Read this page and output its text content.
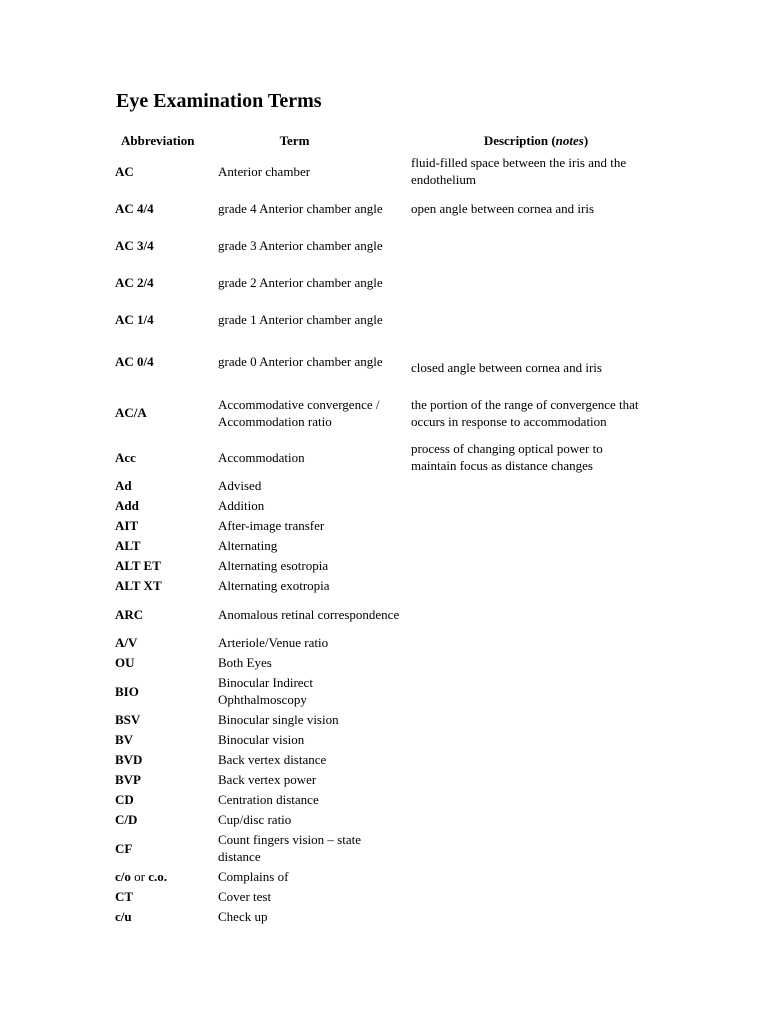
Eye Examination Terms
Abbreviation	Term	Description (notes)
AC	Anterior chamber	fluid-filled space between the iris and the endothelium
AC 4/4	grade 4 Anterior chamber angle	open angle between cornea and iris
AC 3/4	grade 3 Anterior chamber angle	
AC 2/4	grade 2 Anterior chamber angle	
AC 1/4	grade 1 Anterior chamber angle	
AC 0/4	grade 0 Anterior chamber angle	closed angle between cornea and iris
AC/A	Accommodative convergence / Accommodation ratio	the portion of the range of convergence that occurs in response to accommodation
Acc	Accommodation	process of changing optical power to maintain focus as distance changes
Ad	Advised	
Add	Addition	
AIT	After-image transfer	
ALT	Alternating	
ALT ET	Alternating esotropia	
ALT XT	Alternating exotropia	
ARC	Anomalous retinal correspondence	
A/V	Arteriole/Venue ratio	
OU	Both Eyes	
BIO	Binocular Indirect Ophthalmoscopy	
BSV	Binocular single vision	
BV	Binocular vision	
BVD	Back vertex distance	
BVP	Back vertex power	
CD	Centration distance	
C/D	Cup/disc ratio	
CF	Count fingers vision – state distance	
c/o or c.o.	Complains of	
CT	Cover test	
c/u	Check up	
